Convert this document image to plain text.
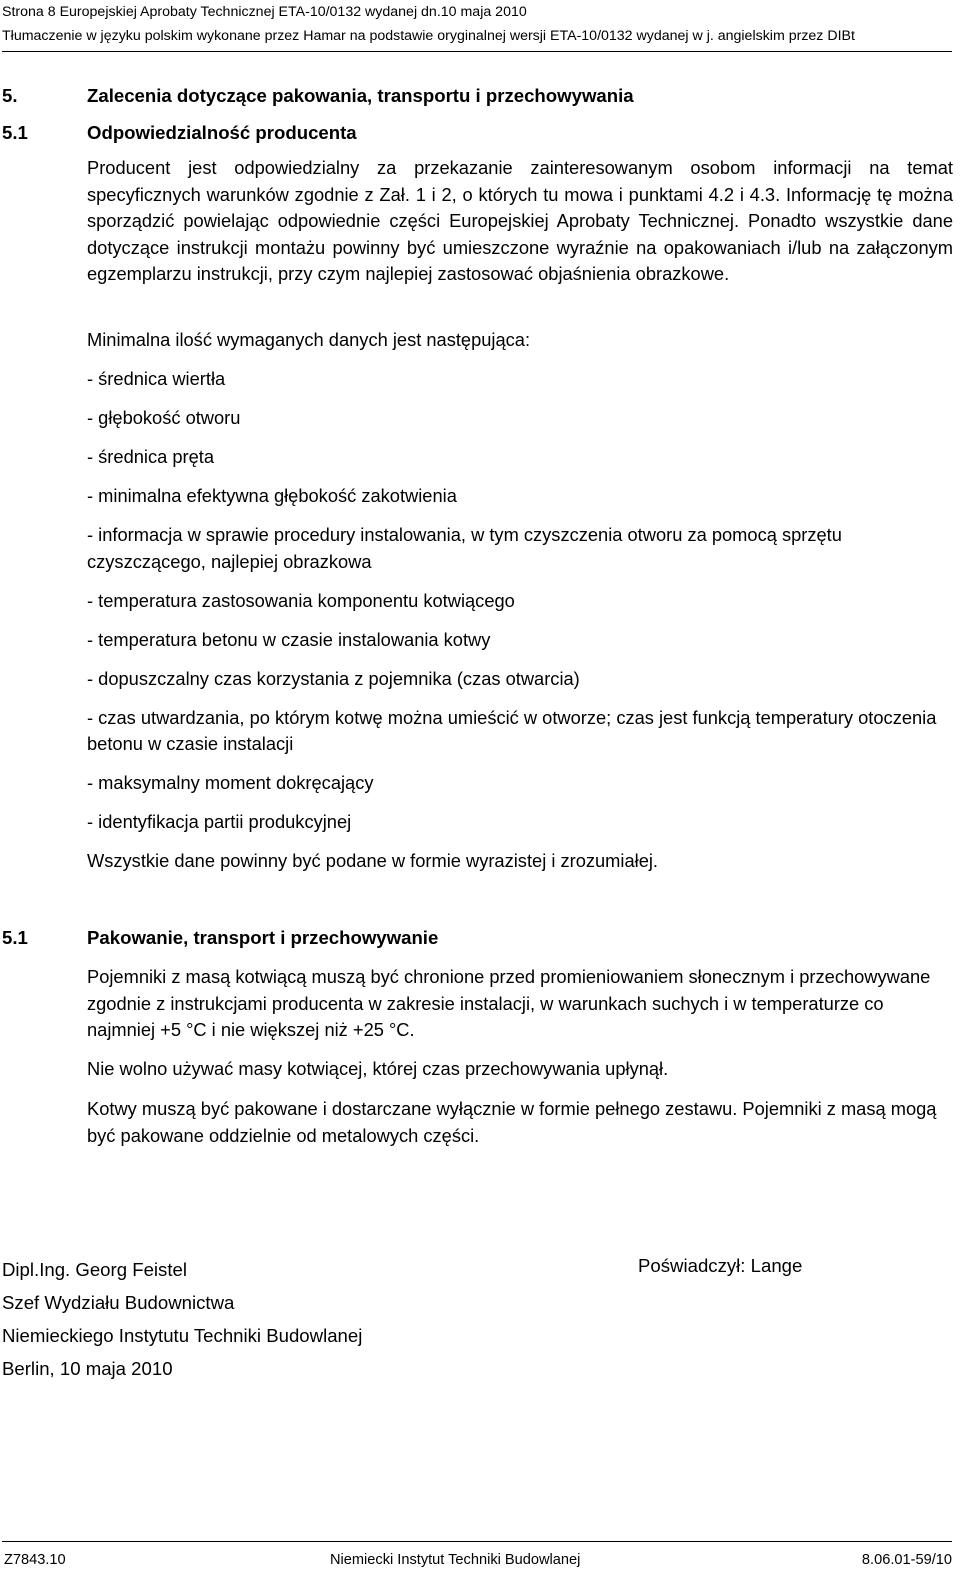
Strona 8 Europejskiej Aprobaty Technicznej ETA-10/0132 wydanej dn.10 maja 2010
Tłumaczenie w języku polskim wykonane przez Hamar na podstawie oryginalnej wersji ETA-10/0132 wydanej w j. angielskim przez DIBt
5.	Zalecenia dotyczące pakowania, transportu i przechowywania
5.1	Odpowiedzialność producenta

Producent jest odpowiedzialny za przekazanie zainteresowanym osobom informacji na temat specyficznych warunków zgodnie z Zał. 1 i 2, o których tu mowa i punktami 4.2 i 4.3. Informację tę można sporządzić powielając odpowiednie części Europejskiej Aprobaty Technicznej. Ponadto wszystkie dane dotyczące instrukcji montażu powinny być umieszczone wyraźnie na opakowaniach i/lub na załączonym egzemplarzu instrukcji, przy czym najlepiej zastosować objaśnienia obrazkowe.

Minimalna ilość wymaganych danych jest następująca:
- średnica wiertła
- głębokość otworu
- średnica pręta
- minimalna efektywna głębokość zakotwienia
- informacja w sprawie procedury instalowania, w tym czyszczenia otworu za pomocą sprzętu czyszczącego, najlepiej obrazkowa
- temperatura zastosowania komponentu kotwiącego
- temperatura betonu w czasie instalowania kotwy
- dopuszczalny czas korzystania z pojemnika (czas otwarcia)
- czas utwardzania, po którym kotwę można umieścić w otworze; czas jest funkcją temperatury otoczenia betonu w czasie instalacji
- maksymalny moment dokręcający
- identyfikacja partii produkcyjnej
Wszystkie dane powinny być podane w formie wyrazistej i zrozumiałej.
5.1	Pakowanie, transport i przechowywanie

Pojemniki z masą kotwiącą muszą być chronione przed promieniowaniem słonecznym i przechowywane zgodnie z instrukcjami producenta w zakresie instalacji, w warunkach suchych i w temperaturze co najmniej +5 °C i nie większej niż +25 °C.

Nie wolno używać masy kotwiącej, której czas przechowywania upłynął.

Kotwy muszą być pakowane i dostarczane wyłącznie w formie pełnego zestawu. Pojemniki z masą mogą być pakowane oddzielnie od metalowych części.

Dipl.Ing. Georg Feistel
Szef Wydziału Budownictwa
Niemieckiego Instytutu Techniki Budowlanej
Berlin, 10 maja 2010
Poświadczył: Lange
Z7843.10	Niemiecki Instytut Techniki Budowlanej	8.06.01-59/10
